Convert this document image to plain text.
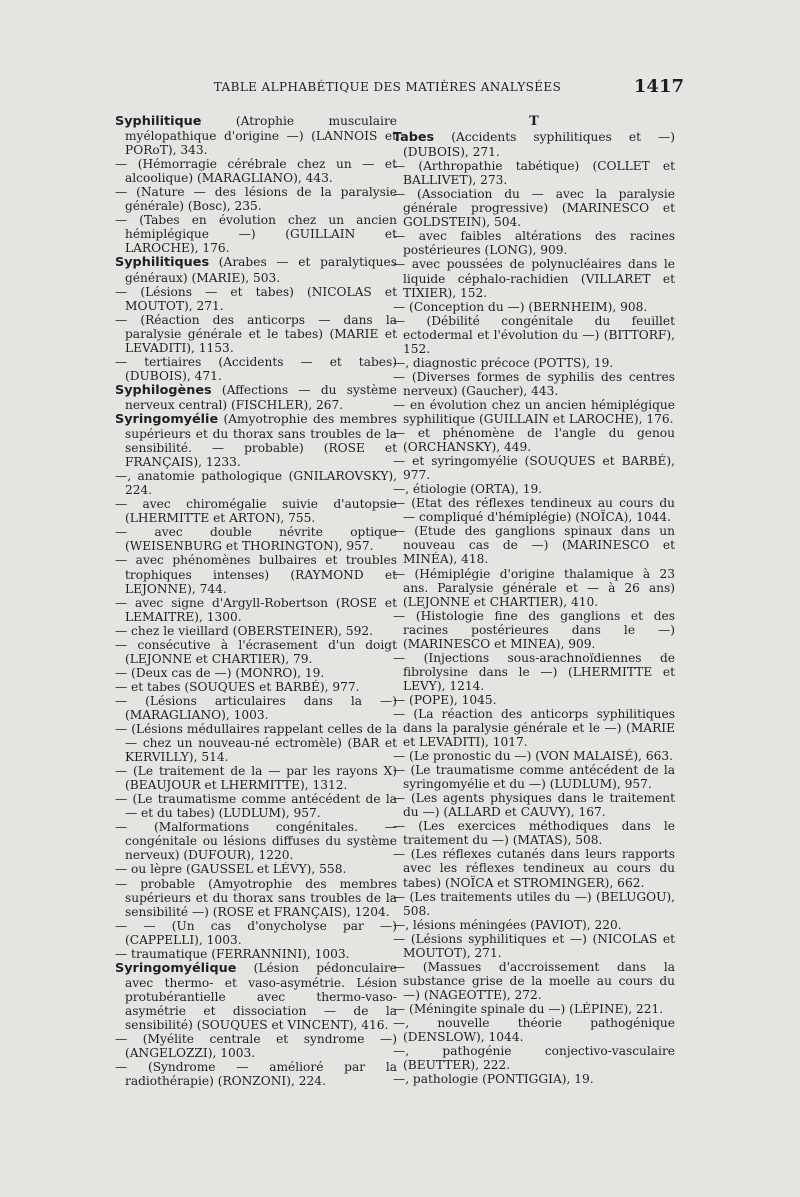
TABLE ALPHABÉTIQUE DES MATIÈRES ANALYSÉES	1417
Syphilitique (Atrophie musculaire myélopathique d'origine —) (LANNOIS et PORoT), 343.
— (Hémorragie cérébrale chez un — et alcoolique) (MARAGLIANO), 443.
— (Nature — des lésions de la paralysie générale) (Bosc), 235.
— (Tabes en évolution chez un ancien hémiplégique —) (GUILLAIN et LAROCHE), 176.
Syphilitiques (Arabes — et paralytiques généraux) (MARIE), 503.
— (Lésions — et tabes) (NICOLAS et MOUTOT), 271.
— (Réaction des anticorps — dans la paralysie générale et le tabes) (MARIE et LEVADITI), 1153.
— tertiaires (Accidents — et tabes) (DUBOIS), 471.
Syphilogènes (Affections — du système nerveux central) (FISCHLER), 267.
Syringomyélie (Amyotrophie des membres supérieurs et du thorax sans troubles de la sensibilité. — probable) (ROSE et FRANÇAIS), 1233.
—, anatomie pathologique (GNILAROVSKY), 224.
— avec chiromégalie suivie d'autopsie (LHERMITTE et ARTON), 755.
— avec double névrite optique (WEISENBURG et THORINGTON), 957.
— avec phénomènes bulbaires et troubles trophiques intenses) (RAYMOND et LEJONNE), 744.
— avec signe d'Argyll-Robertson (ROSE et LEMAITRE), 1300.
— chez le vieillard (OBERSTEINER), 592.
— consécutive à l'écrasement d'un doigt (LEJONNE et CHARTIER), 79.
— (Deux cas de —) (MONRO), 19.
— et tabes (SOUQUES et BARBÉ), 977.
— (Lésions articulaires dans la —) (MARAGLIANO), 1003.
— (Lésions médullaires rappelant celles de la — chez un nouveau-né ectromèle) (BAR et KERVILLY), 514.
— (Le traitement de la — par les rayons X) (BEAUJOUR et LHERMITTE), 1312.
— (Le traumatisme comme antécédent de la — et du tabes) (LUDLUM), 957.
— (Malformations congénitales. — congénitale ou lésions diffuses du système nerveux) (DUFOUR), 1220.
— ou lèpre (GAUSSEL et LÉVY), 558.
— probable (Amyotrophie des membres supérieurs et du thorax sans troubles de la sensibilité —) (ROSE et FRANÇAIS), 1204.
— — (Un cas d'onycholyse par —) (CAPPELLI), 1003.
— traumatique (FERRANNINI), 1003.
Syringomyélique (Lésion pédonculaire avec thermo- et vaso-asymétrie. Lésion protubérantielle avec thermo-vaso-asymétrie et dissociation — de la sensibilité) (SOUQUES et VINCENT), 416.
— (Myélite centrale et syndrome —) (ANGELOZZI), 1003.
— (Syndrome — amélioré par la radiothérapie) (RONZONI), 224.
T
Tabes (Accidents syphilitiques et —) (DUBOIS), 271.
— (Arthropathie tabétique) (COLLET et BALLIVET), 273.
— (Association du — avec la paralysie générale progressive) (MARINESCO et GOLDSTEIN), 504.
— avec faibles altérations des racines postérieures (LONG), 909.
— avec poussées de polynucléaires dans le liquide céphalo-rachidien (VILLARET et TIXIER), 152.
— (Conception du —) (BERNHEIM), 908.
— (Débilité congénitale du feuillet ectodermal et l'évolution du —) (BITTORF), 152.
—, diagnostic précoce (POTTS), 19.
— (Diverses formes de syphilis des centres nerveux) (Gaucher), 443.
— en évolution chez un ancien hémiplégique syphilitique (GUILLAIN et LAROCHE), 176.
— et phénomène de l'angle du genou (ORCHANSKY), 449.
— et syringomyélie (SOUQUES et BARBÉ), 977.
—, étiologie (ORTA), 19.
— (Etat des réflexes tendineux au cours du — compliqué d'hémiplégie) (NOÏCA), 1044.
— (Etude des ganglions spinaux dans un nouveau cas de —) (MARINESCO et MINÉA), 418.
— (Hémiplégie d'origine thalamique à 23 ans. Paralysie générale et — à 26 ans) (LEJONNE et CHARTIER), 410.
— (Histologie fine des ganglions et des racines postérieures dans le —) (MARINESCO et MINEA), 909.
— (Injections sous-arachnoïdiennes de fibrolysine dans le —) (LHERMITTE et LEVY), 1214.
— (POPE), 1045.
— (La réaction des anticorps syphilitiques dans la paralysie générale et le —) (MARIE et LEVADITI), 1017.
— (Le pronostic du —) (VON MALAISÉ), 663.
— (Le traumatisme comme antécédent de la syringomyélie et du —) (LUDLUM), 957.
— (Les agents physiques dans le traitement du —) (ALLARD et CAUVY), 167.
— (Les exercices méthodiques dans le traitement du —) (MATAS), 508.
— (Les réflexes cutanés dans leurs rapports avec les réflexes tendineux au cours du tabes) (NOÏCA et STROMINGER), 662.
— (Les traitements utiles du —) (BELUGOU), 508.
—, lésions méningées (PAVIOT), 220.
— (Lésions syphilitiques et —) (NICOLAS et MOUTOT), 271.
— (Massues d'accroissement dans la substance grise de la moelle au cours du —) (NAGEOTTE), 272.
— (Méningite spinale du —) (LÉPINE), 221.
—, nouvelle théorie pathogénique (DENSLOW), 1044.
—, pathogénie conjectivo-vasculaire (BEUTTER), 222.
—, pathologie (PONTIGGIA), 19.
